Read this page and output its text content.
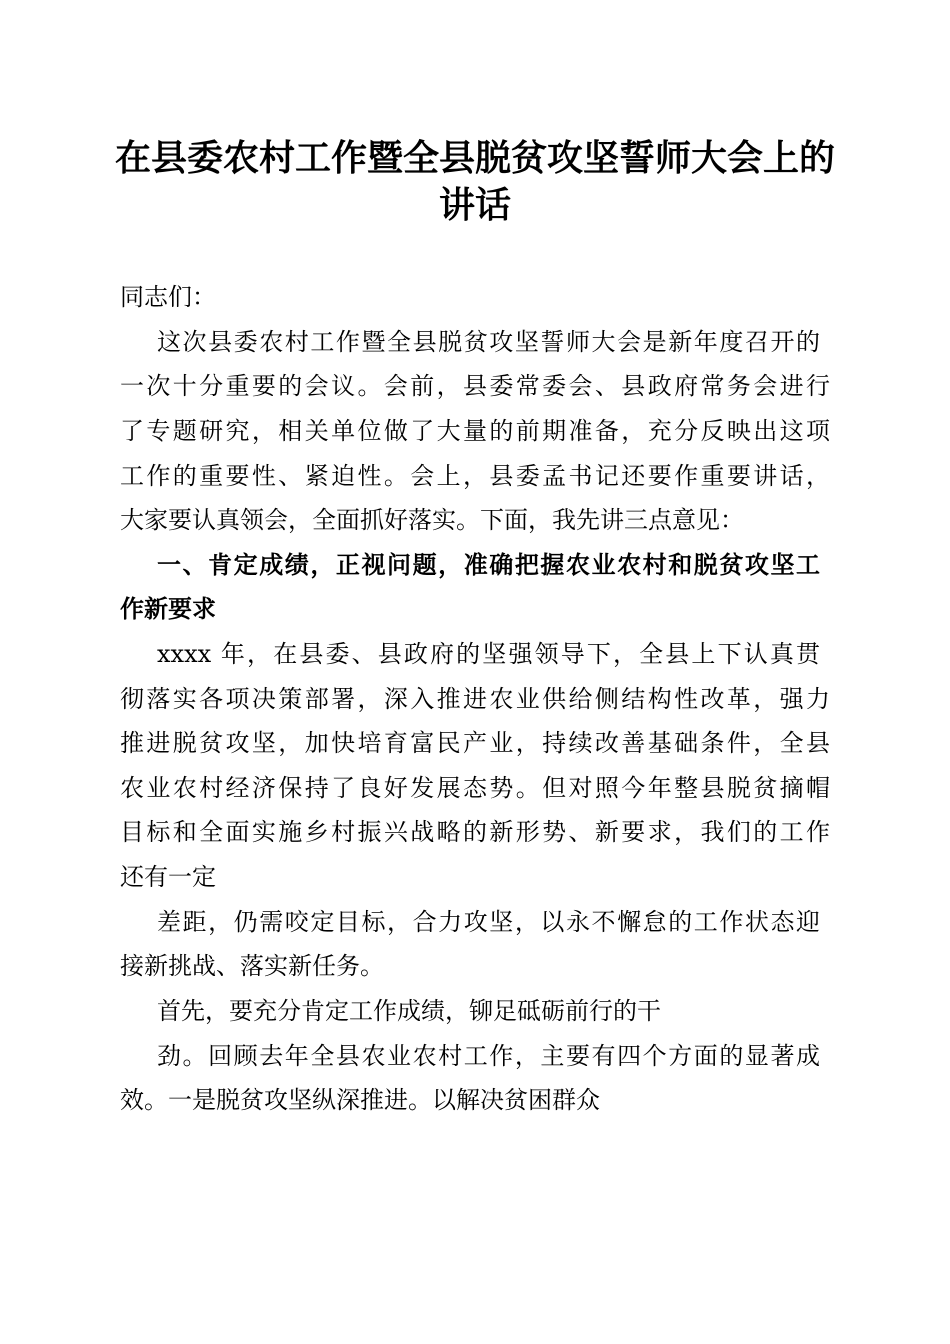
在县委农村工作暨全县脱贫攻坚誓师大会上的
讲话
同志们：
这次县委农村工作暨全县脱贫攻坚誓师大会是新年度召开的
一次十分重要的会议。会前，县委常委会、县政府常务会进行
了专题研究，相关单位做了大量的前期准备，充分反映出这项
工作的重要性、紧迫性。会上，县委孟书记还要作重要讲话，
大家要认真领会，全面抓好落实。下面，我先讲三点意见：
一、肯定成绩，正视问题，准确把握农业农村和脱贫攻坚工
作新要求
xxxx 年，在县委、县政府的坚强领导下，全县上下认真贯
彻落实各项决策部署，深入推进农业供给侧结构性改革，强力
推进脱贫攻坚，加快培育富民产业，持续改善基础条件，全县
农业农村经济保持了良好发展态势。但对照今年整县脱贫摘帽
目标和全面实施乡村振兴战略的新形势、新要求，我们的工作
还有一定
差距，仍需咬定目标，合力攻坚，以永不懈怠的工作状态迎
接新挑战、落实新任务。
首先，要充分肯定工作成绩，铆足砥砺前行的干
劲。回顾去年全县农业农村工作，主要有四个方面的显著成
效。一是脱贫攻坚纵深推进。以解决贫困群众
